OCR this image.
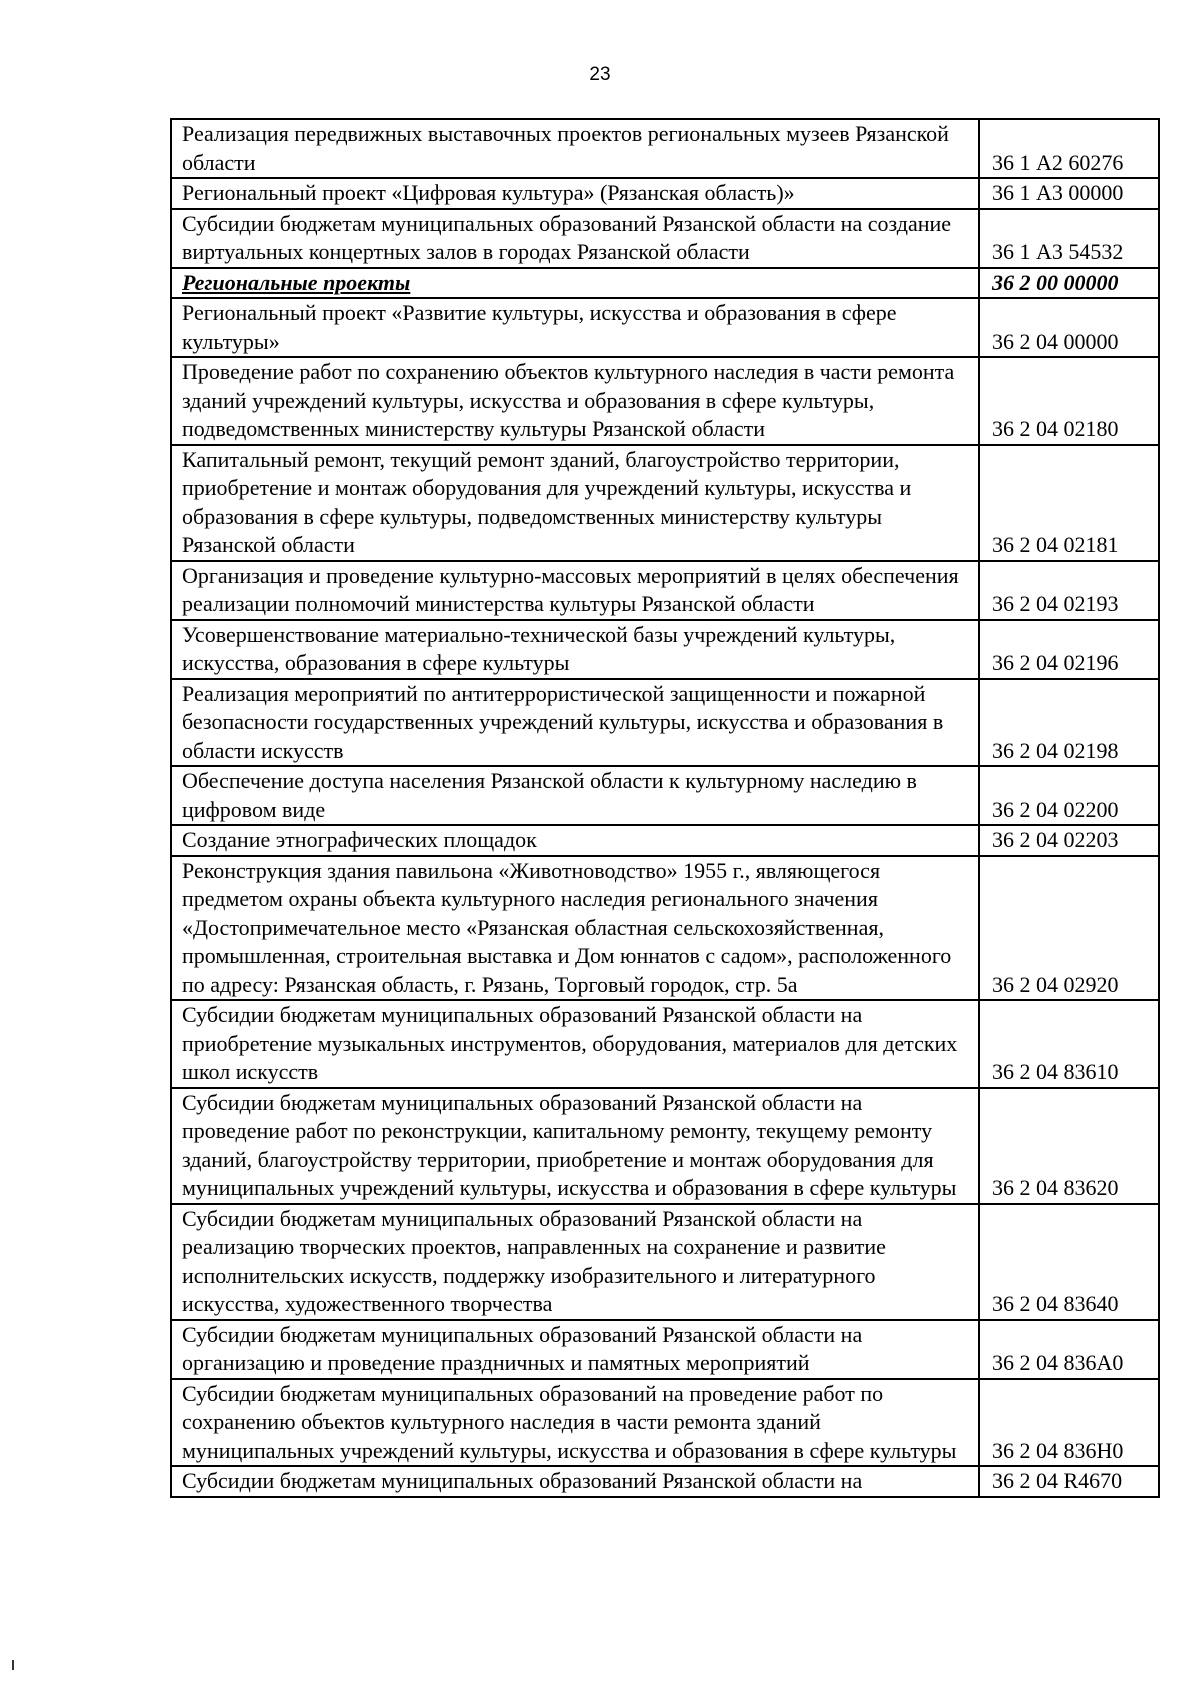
23
Реализация передвижных выставочных проектов региональных музеев Рязанской области	36 1 А2 60276
Региональный проект «Цифровая культура» (Рязанская область)»	36 1 А3 00000
Субсидии бюджетам муниципальных образований Рязанской области на создание виртуальных концертных залов в городах Рязанской области	36 1 А3 54532
Региональные проекты	36 2 00 00000
Региональный проект «Развитие культуры, искусства и образования в сфере культуры»	36 2 04 00000
Проведение работ по сохранению объектов культурного наследия в части ремонта зданий учреждений культуры, искусства и образования в сфере культуры, подведомственных министерству культуры Рязанской области	36 2 04 02180
Капитальный ремонт, текущий ремонт зданий, благоустройство территории, приобретение и монтаж оборудования для учреждений культуры, искусства и образования в сфере культуры, подведомственных министерству культуры Рязанской области	36 2 04 02181
Организация и проведение культурно-массовых мероприятий в целях обеспечения реализации полномочий министерства культуры Рязанской области	36 2 04 02193
Усовершенствование материально-технической базы учреждений культуры, искусства, образования в сфере культуры	36 2 04 02196
Реализация мероприятий по антитеррористической защищенности и пожарной безопасности государственных учреждений культуры, искусства и образования в области искусств	36 2 04 02198
Обеспечение доступа населения Рязанской области к культурному наследию в цифровом виде	36 2 04 02200
Создание этнографических площадок	36 2 04 02203
Реконструкция здания павильона «Животноводство» 1955 г., являющегося предметом охраны объекта культурного наследия регионального значения «Достопримечательное место «Рязанская областная сельскохозяйственная, промышленная, строительная выставка и Дом юннатов с садом», расположенного по адресу: Рязанская область, г. Рязань, Торговый городок, стр. 5а	36 2 04 02920
Субсидии бюджетам муниципальных образований Рязанской области на приобретение музыкальных инструментов, оборудования, материалов для детских школ искусств	36 2 04 83610
Субсидии бюджетам муниципальных образований Рязанской области на проведение работ по реконструкции, капитальному ремонту, текущему ремонту зданий, благоустройству территории, приобретение и монтаж оборудования для муниципальных учреждений культуры, искусства и образования в сфере культуры	36 2 04 83620
Субсидии бюджетам муниципальных образований Рязанской области на реализацию творческих проектов, направленных на сохранение и развитие исполнительских искусств, поддержку изобразительного и литературного искусства, художественного творчества	36 2 04 83640
Субсидии бюджетам муниципальных образований Рязанской области на организацию и проведение праздничных и памятных мероприятий	36 2 04 836А0
Субсидии бюджетам муниципальных образований на проведение работ по сохранению объектов культурного наследия в части ремонта зданий муниципальных учреждений культуры, искусства и образования в сфере культуры	36 2 04 836Н0
Субсидии бюджетам муниципальных образований Рязанской области на	36 2 04 R4670
